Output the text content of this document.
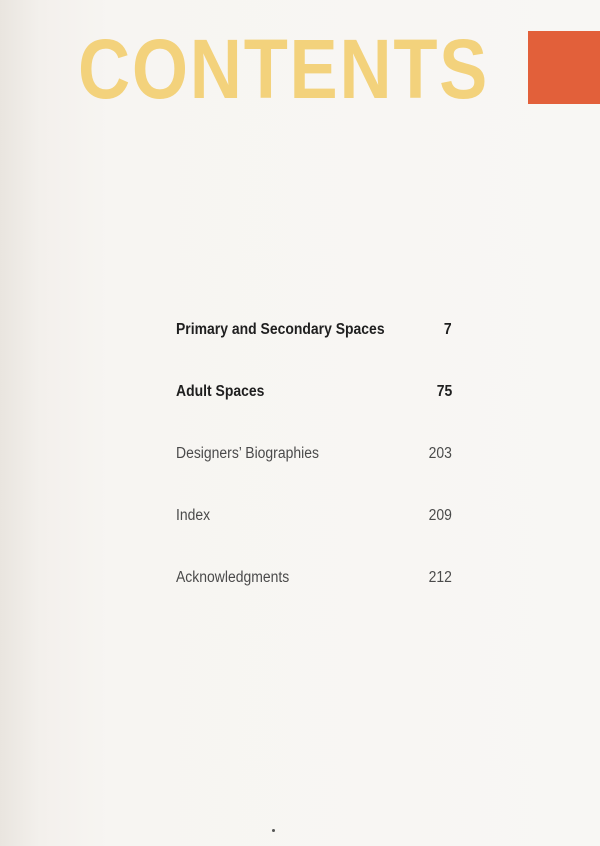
CONTENTS
Primary and Secondary Spaces	7
Adult Spaces	75
Designers’ Biographies	203
Index	209
Acknowledgments	212
